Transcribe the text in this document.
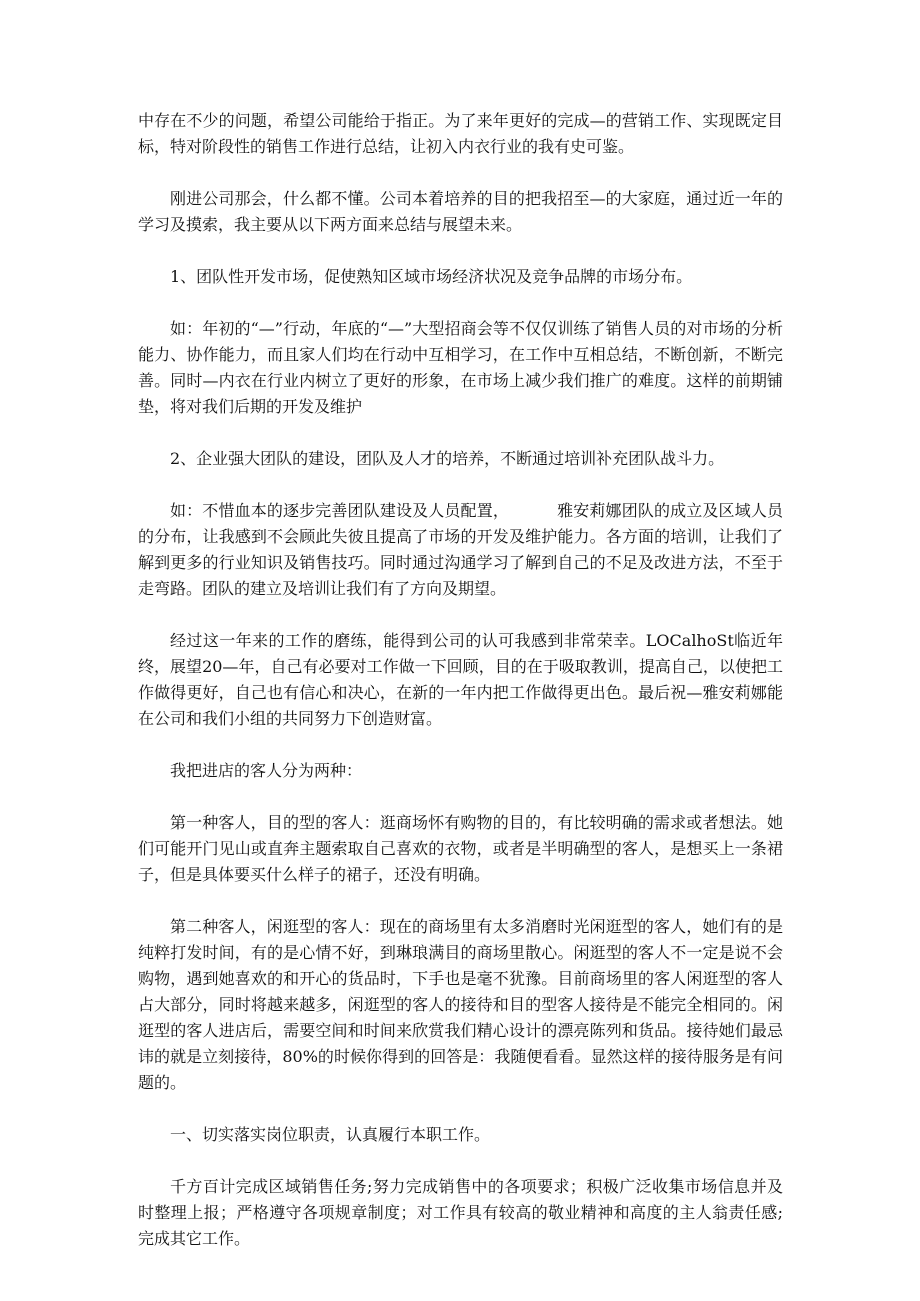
中存在不少的问题，希望公司能给于指正。为了来年更好的完成—的营销工作、实现既定目标，特对阶段性的销售工作进行总结，让初入内衣行业的我有史可鉴。

刚进公司那会，什么都不懂。公司本着培养的目的把我招至—的大家庭，通过近一年的学习及摸索，我主要从以下两方面来总结与展望未来。

1、团队性开发市场，促使熟知区域市场经济状况及竞争品牌的市场分布。

如：年初的“—”行动，年底的“—”大型招商会等不仅仅训练了销售人员的对市场的分析能力、协作能力，而且家人们均在行动中互相学习，在工作中互相总结，不断创新，不断完善。同时—内衣在行业内树立了更好的形象，在市场上减少我们推广的难度。这样的前期铺垫，将对我们后期的开发及维护

2、企业强大团队的建设，团队及人才的培养，不断通过培训补充团队战斗力。

如：不惜血本的逐步完善团队建设及人员配置，	雅安莉娜团队的成立及区域人员的分布，让我感到不会顾此失彼且提高了市场的开发及维护能力。各方面的培训，让我们了解到更多的行业知识及销售技巧。同时通过沟通学习了解到自己的不足及改进方法，不至于走弯路。团队的建立及培训让我们有了方向及期望。

经过这一年来的工作的磨练，能得到公司的认可我感到非常荣幸。LOCalhoSt临近年终，展望20—年，自己有必要对工作做一下回顾，目的在于吸取教训，提高自己，以使把工作做得更好，自己也有信心和决心，在新的一年内把工作做得更出色。最后祝—雅安莉娜能在公司和我们小组的共同努力下创造财富。

我把进店的客人分为两种：

第一种客人，目的型的客人：逛商场怀有购物的目的，有比较明确的需求或者想法。她们可能开门见山或直奔主题索取自己喜欢的衣物，或者是半明确型的客人，是想买上一条裙子，但是具体要买什么样子的裙子，还没有明确。

第二种客人，闲逛型的客人：现在的商场里有太多消磨时光闲逛型的客人，她们有的是纯粹打发时间，有的是心情不好，到琳琅满目的商场里散心。闲逛型的客人不一定是说不会购物，遇到她喜欢的和开心的货品时，下手也是毫不犹豫。目前商场里的客人闲逛型的客人占大部分，同时将越来越多，闲逛型的客人的接待和目的型客人接待是不能完全相同的。闲逛型的客人进店后，需要空间和时间来欣赏我们精心设计的漂亮陈列和货品。接待她们最忌讳的就是立刻接待，80%的时候你得到的回答是：我随便看看。显然这样的接待服务是有问题的。

一、切实落实岗位职责，认真履行本职工作。

千方百计完成区域销售任务;努力完成销售中的各项要求；积极广泛收集市场信息并及时整理上报；严格遵守各项规章制度；对工作具有较高的敬业精神和高度的主人翁责任感;完成其它工作。
